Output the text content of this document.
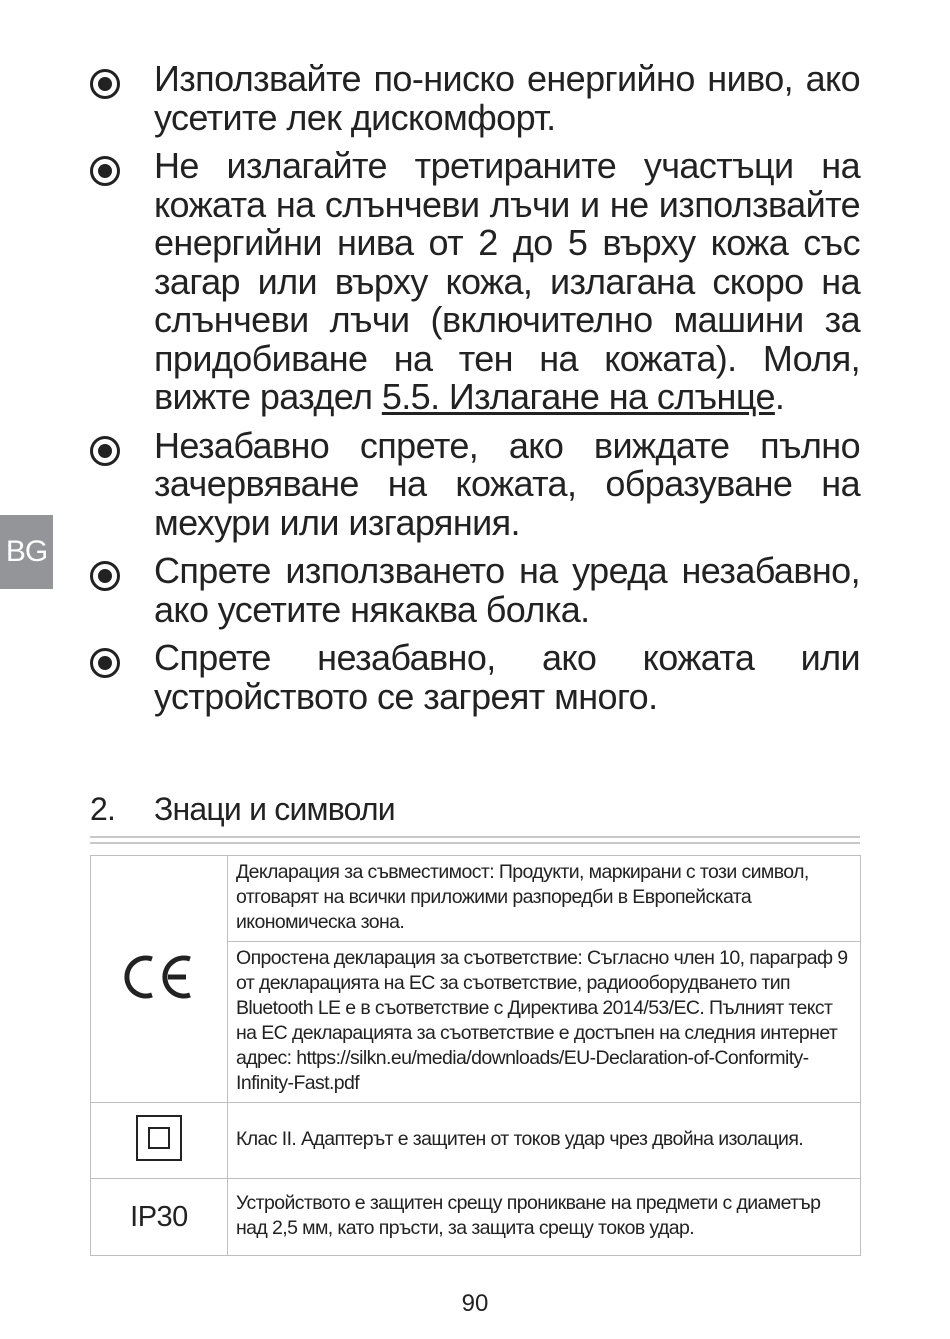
BG
Използвайте по-ниско енергийно ниво, ако усетите лек дискомфорт.
Не излагайте третираните участъци на кожата на слънчеви лъчи и не използвайте енергийни нива от 2 до 5 върху кожа със загар или върху кожа, излагана скоро на слънчеви лъчи (включително машини за придобиване на тен на кожата). Моля, вижте раздел 5.5. Излагане на слънце.
Незабавно спрете, ако виждате пълно зачервяване на кожата, образуване на мехури или изгаряния.
Спрете използването на уреда незабавно, ако усетите някаква болка.
Спрете незабавно, ако кожата или устройството се загреят много.
2. Знаци и символи
	Декларация за съвместимост: Продукти, маркирани с този символ, отговарят на всички приложими разпоредби в Европейската икономическа зона.
	Опростена декларация за съответствие: Съгласно член 10, параграф 9 от декларацията на ЕС за съответствие, радиооборудването тип Bluetooth LE е в съответствие с Директива 2014/53/ЕС. Пълният текст на ЕС декларацията за съответствие е достъпен на следния интернет адрес: https://silkn.eu/media/downloads/EU-Declaration-of-Conformity-Infinity-Fast.pdf
	Клас II. Адаптерът е защитен от токов удар чрез двойна изолация.
IP30	Устройството е защитен срещу проникване на предмети с диаметър над 2,5 мм, като пръсти, за защита срещу токов удар.
90
